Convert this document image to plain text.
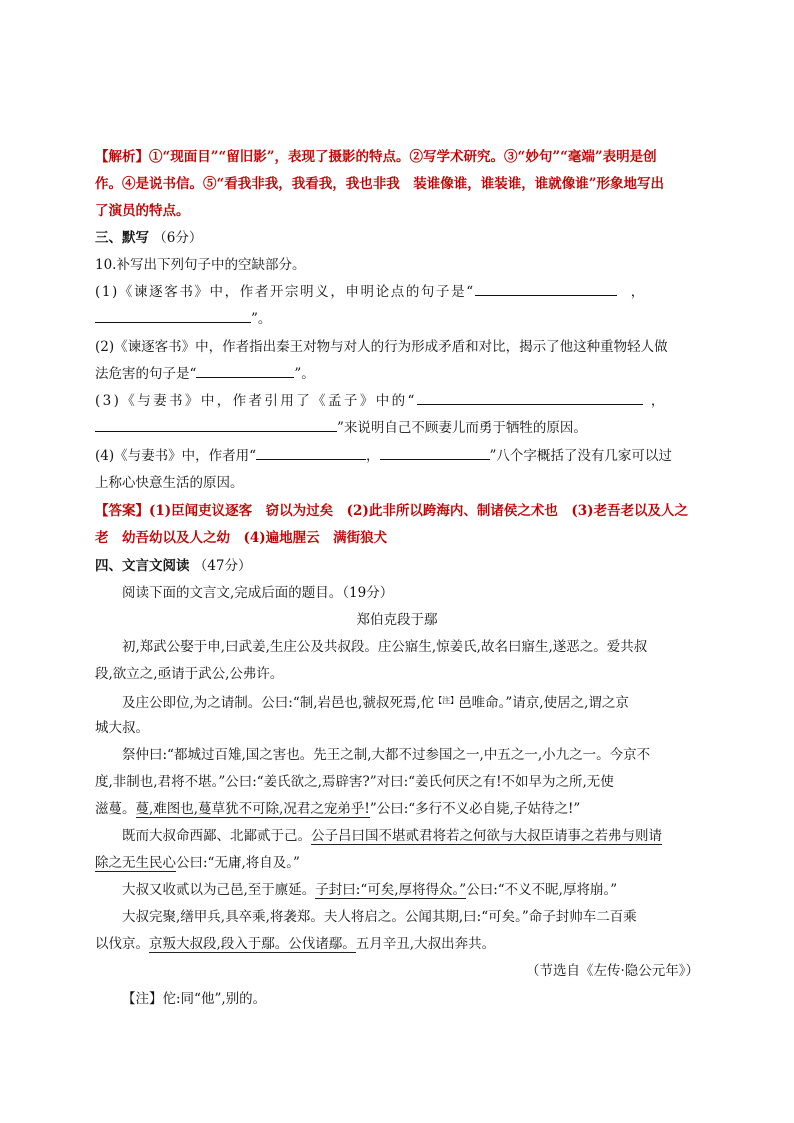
【解析】①“现面目”“留旧影”，表现了摄影的特点。②写学术研究。③“妙句”“毫端”表明是创
作。④是说书信。⑤“看我非我，我看我，我也非我　装谁像谁，谁装谁，谁就像谁”形象地写出
了演员的特点。
三、默写 （6分）
10.补写出下列句子中的空缺部分。
(1)《谏逐客书》中，作者开宗明义，申明论点的句子是“	，
”。
(2)《谏逐客书》中，作者指出秦王对物与对人的行为形成矛盾和对比，揭示了他这种重物轻人做
法危害的句子是“	”。
(3)《与妻书》中，作者引用了《孟子》中的“	，
”来说明自己不顾妻儿而勇于牺牲的原因。
(4)《与妻书》中，作者用“	，	”八个字概括了没有几家可以过
上称心快意生活的原因。
【答案】(1)臣闻吏议逐客　窃以为过矣　(2)此非所以跨海内、制诸侯之术也　(3)老吾老以及人之
老　幼吾幼以及人之幼　(4)遍地腥云　满街狼犬
四、文言文阅读 （47分）
阅读下面的文言文,完成后面的题目。（19分）
郑伯克段于鄢
初,郑武公娶于申,曰武姜,生庄公及共叔段。庄公寤生,惊姜氏,故名曰寤生,遂恶之。爱共叔
段,欲立之,亟请于武公,公弗许。
及庄公即位,为之请制。公曰:“制,岩邑也,虢叔死焉,佗$^{【注】}$邑唯命。”请京,使居之,谓之京
城大叔。
祭仲曰:“都城过百雉,国之害也。先王之制,大都不过参国之一,中五之一,小九之一。今京不
度,非制也,君将不堪。”公曰:“姜氏欲之,焉辟害?”对曰:“姜氏何厌之有!不如早为之所,无使
滋蔓。蔓,难图也,蔓草犹不可除,况君之宠弟乎!”公曰:“多行不义必自毙,子姑待之!”
既而大叔命西鄙、北鄙贰于己。公子吕曰国不堪贰君将若之何欲与大叔臣请事之若弗与则请
除之无生民心公曰:“无庸,将自及。”
大叔又收贰以为己邑,至于廪延。子封曰:“可矣,厚将得众。”公曰:“不义不昵,厚将崩。”
大叔完聚,缮甲兵,具卒乘,将袭郑。夫人将启之。公闻其期,曰:“可矣。”命子封帅车二百乘
以伐京。京叛大叔段,段入于鄢。公伐诸鄢。五月辛丑,大叔出奔共。
（节选自《左传·隐公元年》）
【注】佗:同“他”,别的。
